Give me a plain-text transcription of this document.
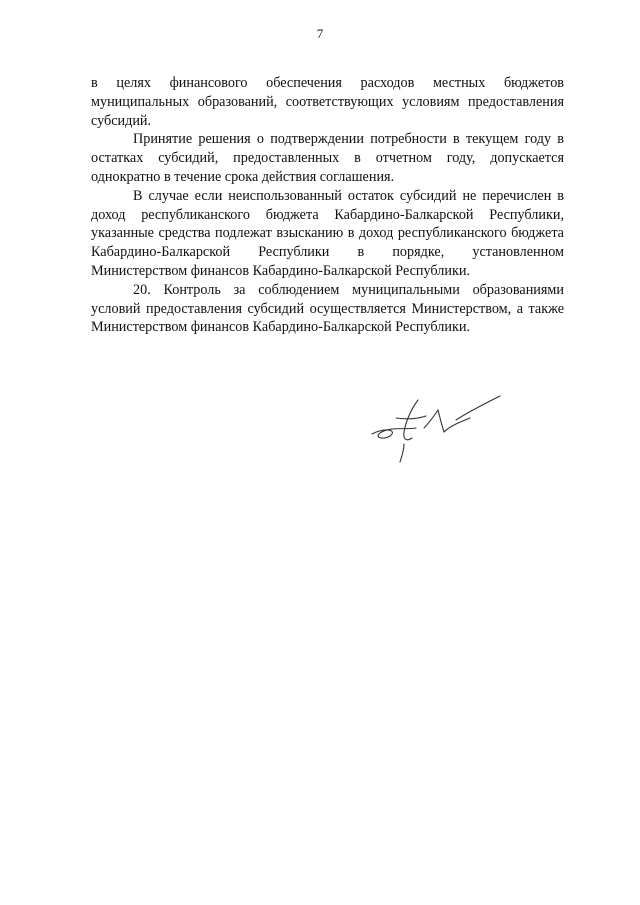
7

в целях финансового обеспечения расходов местных бюджетов муниципальных образований, соответствующих условиям предоставления субсидий.

Принятие решения о подтверждении потребности в текущем году в остатках субсидий, предоставленных в отчетном году, допускается однократно в течение срока действия соглашения.

В случае если неиспользованный остаток субсидий не перечислен в доход республиканского бюджета Кабардино-Балкарской Республики, указанные средства подлежат взысканию в доход республиканского бюджета Кабардино-Балкарской Республики в порядке, установленном Министерством финансов Кабардино-Балкарской Республики.

20. Контроль за соблюдением муниципальными образованиями условий предоставления субсидий осуществляется Министерством, а также Министерством финансов Кабардино-Балкарской Республики.
